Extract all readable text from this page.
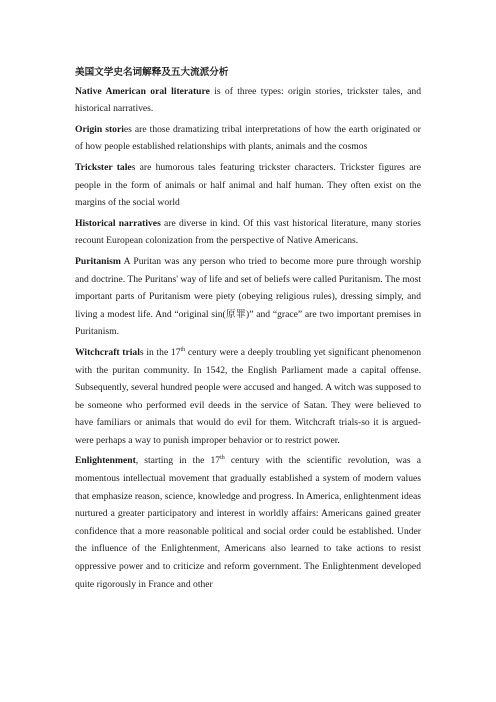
美国文学史名词解释及五大流派分析

Native American oral literature is of three types: origin stories, trickster tales, and historical narratives.

Origin stories are those dramatizing tribal interpretations of how the earth originated or of how people established relationships with plants, animals and the cosmos

Trickster tales are humorous tales featuring trickster characters. Trickster figures are people in the form of animals or half animal and half human. They often exist on the margins of the social world

Historical narratives are diverse in kind. Of this vast historical literature, many stories recount European colonization from the perspective of Native Americans.

Puritanism A Puritan was any person who tried to become more pure through worship and doctrine. The Puritans' way of life and set of beliefs were called Puritanism. The most important parts of Puritanism were piety (obeying religious rules), dressing simply, and living a modest life. And “original sin(原罪)” and “grace” are two important premises in Puritanism.

Witchcraft trials in the 17th century were a deeply troubling yet significant phenomenon with the puritan community. In 1542, the English Parliament made a capital offense. Subsequently, several hundred people were accused and hanged. A witch was supposed to be someone who performed evil deeds in the service of Satan. They were believed to have familiars or animals that would do evil for them. Witchcraft trials-so it is argued- were perhaps a way to punish improper behavior or to restrict power.

Enlightenment, starting in the 17th century with the scientific revolution, was a momentous intellectual movement that gradually established a system of modern values that emphasize reason, science, knowledge and progress. In America, enlightenment ideas nurtured a greater participatory and interest in worldly affairs: Americans gained greater confidence that a more reasonable political and social order could be established. Under the influence of the Enlightenment, Americans also learned to take actions to resist oppressive power and to criticize and reform government. The Enlightenment developed quite rigorously in France and other
